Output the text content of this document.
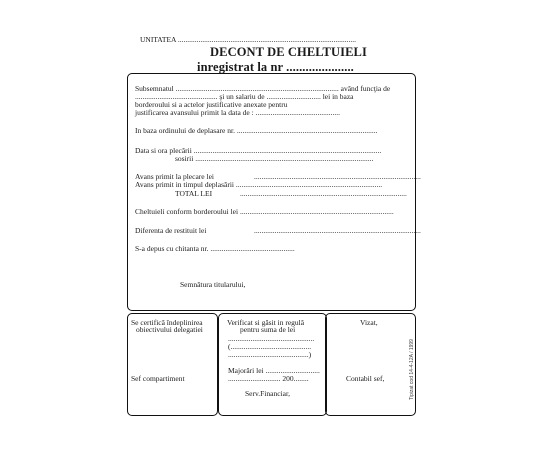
UNITATEA ...............................................................................................
DECONT DE CHELTUIELI
inregistrat la nr .....................
Subsemnatul ....................................................................................... având funcţia de
............................................ şi un salariu de ............................. lei in baza
borderoului si a actelor justificative anexate pentru
justificarea avansului primit la data de : .............................................
In baza ordinului de deplasare nr. ...........................................................................
Data si ora plecării ....................................................................................................
sosirii ...............................................................................................
Avans primit la plecare lei	.........................................................................................
Avans primit in timpul deplasării ..............................................................................
TOTAL LEI	.........................................................................................
Cheltuieli conform borderoului lei ..................................................................................
Diferenta de restituit lei	.........................................................................................
S-a depus cu chitanta nr. .............................................
Semnătura titularului,
Se certifică îndeplinirea
obiectivului delegatiei
Sef compartiment
Verificat si găsit in regulă
pentru suma de lei
..............................................
(...........................................
...........................................)
Majorări lei .............................
............................ 200........
Serv.Financiar,
Vizat,
Contabil sef,	Tipizat cod 14-4-12A / 1999
